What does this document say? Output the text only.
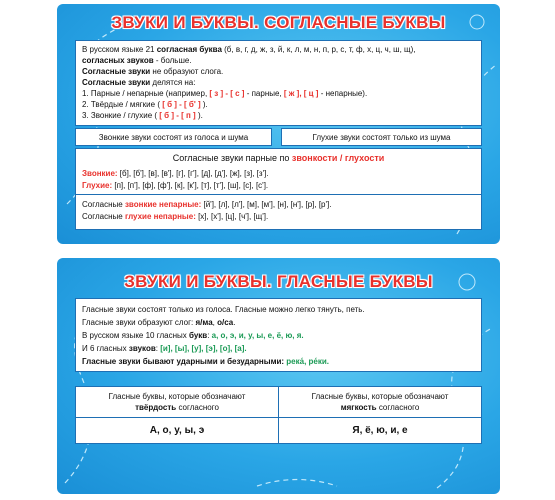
ЗВУКИ И БУКВЫ. СОГЛАСНЫЕ БУКВЫ
В русском языке 21 согласная буква (б, в, г, д, ж, з, й, к, л, м, н, п, р, с, т, ф, х, ц, ч, ш, щ),
согласных звуков - больше.
Согласные звуки не образуют слога.
Согласные звуки делятся на:
1. Парные / непарные (например, [ з ] - [ с ] - парные, [ ж ], [ ц ] - непарные).
2. Твёрдые / мягкие ( [ б ] - [ б' ] ).
3. Звонкие / глухие ( [ б ] - [ п ] ).
Звонкие звуки состоят из голоса и шума	Глухие звуки состоят только из шума
Согласные звуки парные по звонкости / глухости
Звонкие: [б], [б'], [в], [в'], [г], [г'], [д], [д'], [ж], [з], [з'].
Глухие: [п], [п'], [ф], [ф'], [к], [к'], [т], [т'], [ш], [с], [с'].
Согласные звонкие непарные: [й'], [л], [л'], [м], [м'], [н], [н'], [р], [р'].
Согласные глухие непарные: [х], [х'], [ц], [ч'], [щ'].
ЗВУКИ И БУКВЫ. ГЛАСНЫЕ БУКВЫ
Гласные звуки состоят только из голоса. Гласные можно легко тянуть, петь.
Гласные звуки образуют слог: я/ма, о/са.
В русском языке 10 гласных букв: а, о, э, и, у, ы, е, ё, ю, я.
И 6 гласных звуков: [и], [ы], [у], [э], [о], [а].
Гласные звуки бывают ударными и безударными: река́, ре́ки.
Гласные буквы, которые обозначают
твёрдость согласного
Гласные буквы, которые обозначают
мягкость согласного
А, о, у, ы, э	Я, ё, ю, и, е
